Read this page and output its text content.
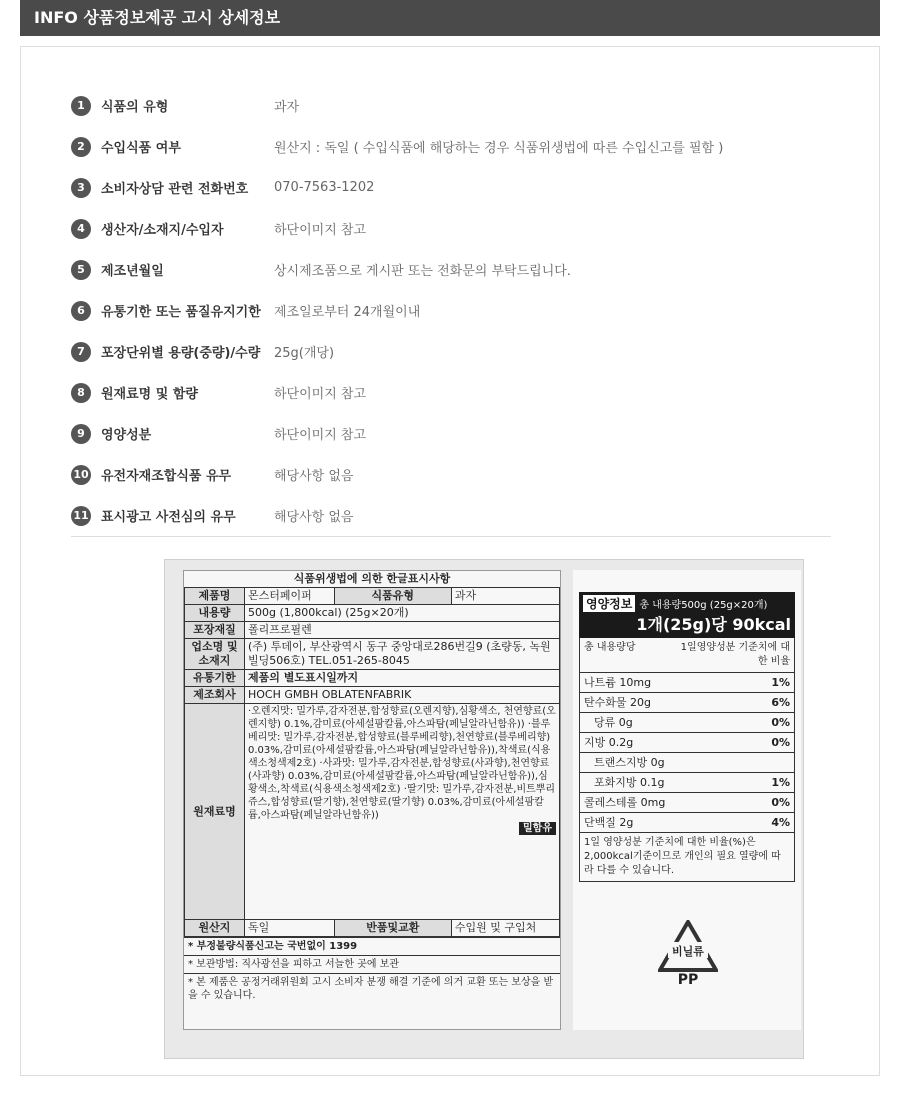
INFO 상품정보제공 고시 상세정보
1	식품의 유형	과자
2	수입식품 여부	원산지 : 독일 ( 수입식품에 해당하는 경우 식품위생법에 따른 수입신고를 필함 )
3	소비자상담 관련 전화번호	070-7563-1202
4	생산자/소재지/수입자	하단이미지 참고
5	제조년월일	상시제조품으로 게시판 또는 전화문의 부탁드립니다.
6	유통기한 또는 품질유지기한	제조일로부터 24개월이내
7	포장단위별 용량(중량)/수량	25g(개당)
8	원재료명 및 함량	하단이미지 참고
9	영양성분	하단이미지 참고
10 유전자재조합식품 유무	해당사항 없음
11 표시광고 사전심의 유무	해당사항 없음
식품위생법에 의한 한글표시사항
제품명	몬스터페이퍼	식품유형	과자
내용량	500g (1,800kcal) (25g×20개)		
포장재질	폴리프로필렌		
업소명 및 소재지	(주) 투데이, 부산광역시 동구 중앙대로286번길9 (초량동, 녹원빌딩506호) TEL.051-265-8045		
유통기한	제품의 별도표시일까지		
제조회사	HOCH GMBH OBLATENFABRIK		
원재료명	·오렌지맛: 밀가루,감자전분,합성향료(오렌지향),심황색소, 천연향료(오렌지향) 0.1%,감미료(아세설팜칼륨,아스파탐(페닐알라닌함유)) ·블루베리맛: 밀가루,감자전분,합성향료(블루베리향),천연향료(블루베리향) 0.03%,감미료(아세설팜칼륨,아스파탐(페닐알라닌함유)),착색료(식용색소청색제2호) ·사과맛: 밀가루,감자전분,합성향료(사과향),천연향료(사과향) 0.03%,감미료(아세설팜칼륨,아스파탐(페닐알라닌함유)),심황색소,착색료(식용색소청색제2호) ·딸기맛: 밀가루,감자전분,비트뿌리쥬스,합성향료(딸기향),천연향료(딸기향) 0.03%,감미료(아세설팜칼륨,아스파탐(페닐알라닌함유))

밀함유		

원산지	독일	반품및교환	수입원 및 구입처
* 부정불량식품신고는 국번없이 1399
* 보관방법: 직사광선을 피하고 서늘한 곳에 보관
* 본 제품은 공정거래위원회 고시 소비자 분쟁 해결 기준에 의거 교환 또는 보상을 받을 수 있습니다.
영양정보 총 내용량500g (25g×20개)
1개(25g)당 90kcal
총 내용량당	1일영양성분 기준치에 대한 비율
나트륨 10mg	1%
탄수화물 20g	6%
당류 0g	0%
지방 0.2g	0%
트랜스지방 0g
포화지방 0.1g	1%
콜레스테롤 0mg	0%
단백질 2g	4%
1일 영양성분 기준치에 대한 비율(%)은 2,000kcal기준이므로 개인의 필요 열량에 따라 다를 수 있습니다.
비닐류
PP
